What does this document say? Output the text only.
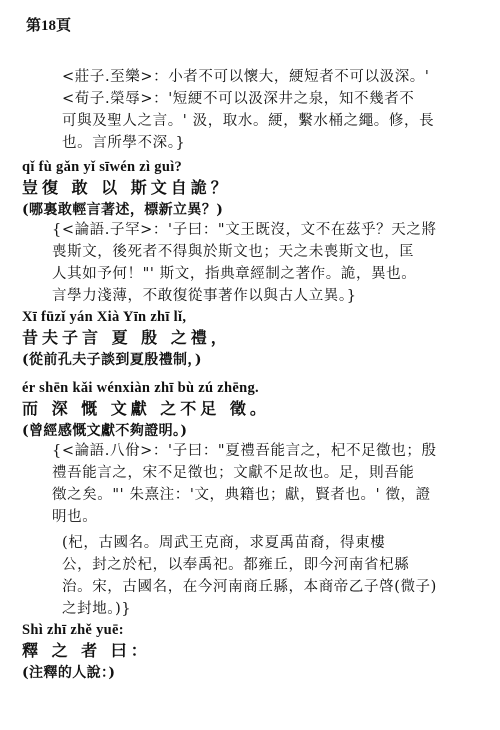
第18頁
<莊子.至樂>：小者不可以懷大，綆短者不可以汲深。'
<荀子.榮辱>：'短綆不可以汲深井之泉，知不幾者不
可與及聖人之言。' 汲，取水。綆，繫水桶之繩。修，長
也。言所學不深。}
qǐ fù gǎn yǐ sīwén zì guì?
豈復 敢 以 斯文自詭？
(哪裏敢輕言著述，標新立異？)
{<論語.子罕>：'子曰："文王既沒，文不在茲乎？天之將
喪斯文，後死者不得與於斯文也；天之未喪斯文也，匡
人其如予何！"' 斯文，指典章經制之著作。詭，異也。
言學力淺薄，不敢復從事著作以與古人立異。}
Xī fūzǐ yán Xià Yīn zhī lǐ,
昔夫子言 夏 殷 之禮，
(從前孔夫子談到夏殷禮制，)
ér shēn kǎi wénxiàn zhī bù zú zhēng.
而 深 慨 文獻 之不足 徵。
(曾經感慨文獻不夠證明。)
{<論語.八佾>：'子曰："夏禮吾能言之，杞不足徵也；殷
禮吾能言之，宋不足徵也；文獻不足故也。足，則吾能
徵之矣。"' 朱熹注：'文，典籍也；獻，賢者也。' 徵，證
明也。
(杞，古國名。周武王克商，求夏禹苗裔，得東樓
公，封之於杞，以奉禹祀。都雍丘，即今河南省杞縣
治。宋，古國名，在今河南商丘縣，本商帝乙子啓(微子)
之封地。)}
Shì zhī zhě yuē:
釋 之 者 曰：
(注釋的人說：)
